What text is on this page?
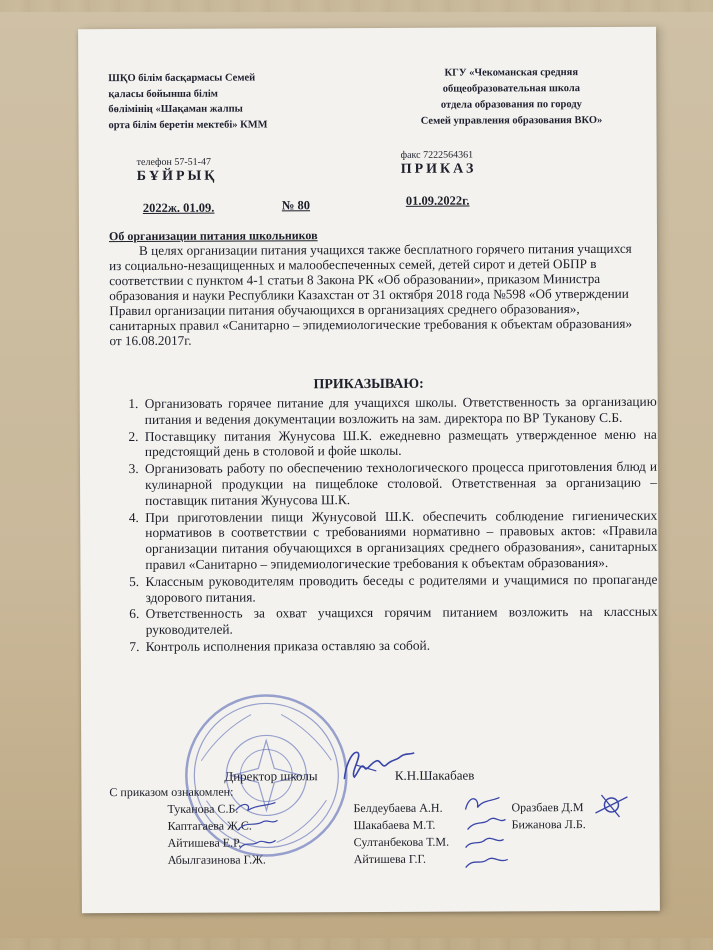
ШҚО білім басқармасы Семей
қаласы бойынша білім
бөлімінің «Шақаман жалпы
орта білім беретін мектебі» КММ
КГУ «Чекоманская средняя
общеобразовательная школа
отдела образования по городу
Семей управления образования ВКО»
телефон 57-51-47
факс 7222564361
БҰЙРЫҚ	ПРИКАЗ
2022ж. 01.09.	№ 80	01.09.2022г.
Об организации питания школьников

В целях организации питания учащихся также бесплатного горячего питания учащихся из социально-незащищенных и малообеспеченных семей, детей сирот и детей ОБПР в соответствии с пунктом 4-1 статьи 8 Закона РК «Об образовании», приказом Министра образования и науки Республики Казахстан от 31 октября 2018 года №598 «Об утверждении Правил организации питания обучающихся в организациях среднего образования», санитарных правил «Санитарно – эпидемиологические требования к объектам образования» от 16.08.2017г.

ПРИКАЗЫВАЮ:
1. Организовать горячее питание для учащихся школы. Ответственность за организацию питания и ведения документации возложить на зам. директора по ВР Туканову С.Б.
2. Поставщику питания Жунусова Ш.К. ежедневно размещать утвержденное меню на предстоящий день в столовой и фойе школы.
3. Организовать работу по обеспечению технологического процесса приготовления блюд и кулинарной продукции на пищеблоке столовой. Ответственная за организацию – поставщик питания Жунусова Ш.К.
4. При приготовлении пищи Жунусовой Ш.К. обеспечить соблюдение гигиенических нормативов в соответствии с требованиями нормативно – правовых актов: «Правила организации питания обучающихся в организациях среднего образования», санитарных правил «Санитарно – эпидемиологические требования к объектам образования».
5. Классным руководителям проводить беседы с родителями и учащимися по пропаганде здорового питания.
6. Ответственность за охват учащихся горячим питанием возложить на классных руководителей.
7. Контроль исполнения приказа оставляю за собой.
Директор школы	К.Н.Шакабаев
С приказом ознакомлен:
Туканова С.Б.
Каптагаева Ж.С.
Айтишева Е.Р.
Абылгазинова Г.Ж.
Белдеубаева А.Н.
Шакабаева М.Т.
Султанбекова Т.М.
Айтишева Г.Г.
Оразбаев Д.М
Бижанова Л.Б.
